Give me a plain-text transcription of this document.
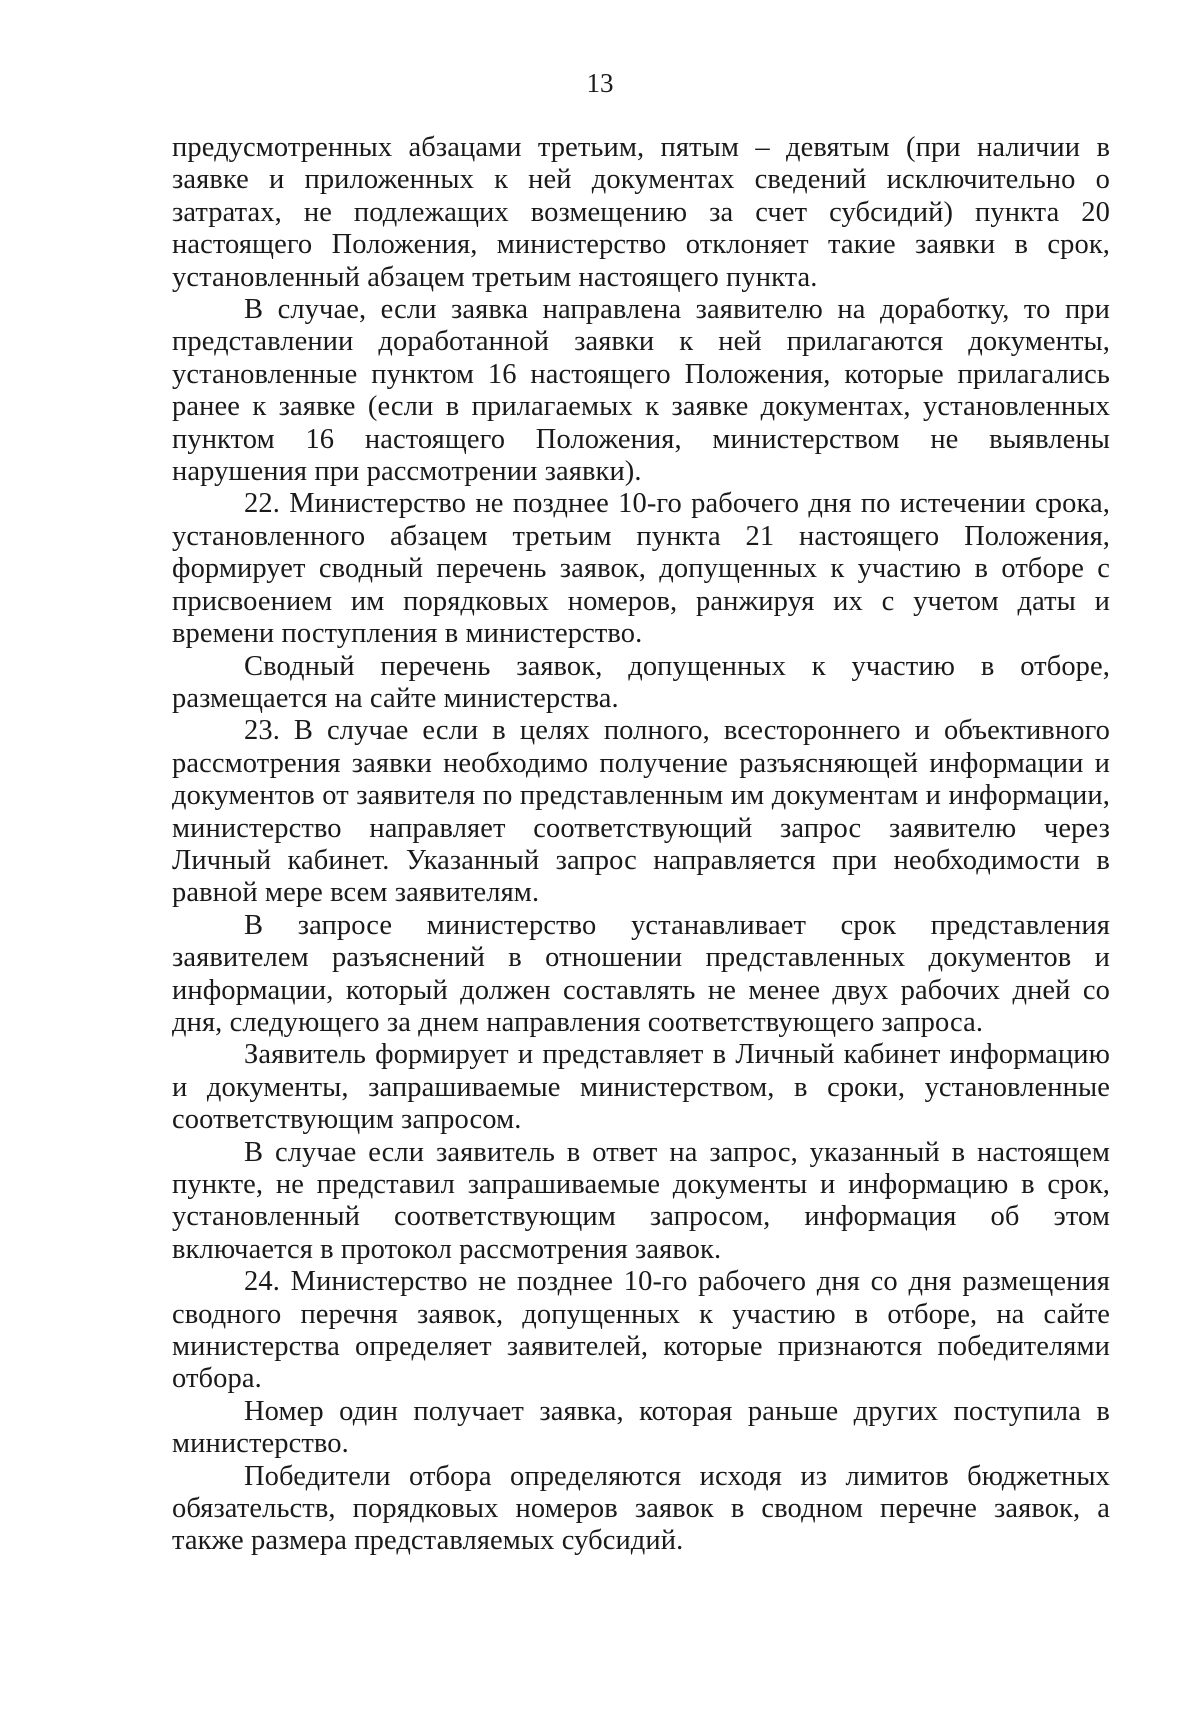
13

предусмотренных абзацами третьим, пятым – девятым (при наличии в заявке и приложенных к ней документах сведений исключительно о затратах, не подлежащих возмещению за счет субсидий) пункта 20 настоящего Положения, министерство отклоняет такие заявки в срок, установленный абзацем третьим настоящего пункта.

В случае, если заявка направлена заявителю на доработку, то при представлении доработанной заявки к ней прилагаются документы, установленные пунктом 16 настоящего Положения, которые прилагались ранее к заявке (если в прилагаемых к заявке документах, установленных пунктом 16 настоящего Положения, министерством не выявлены нарушения при рассмотрении заявки).

22. Министерство не позднее 10-го рабочего дня по истечении срока, установленного абзацем третьим пункта 21 настоящего Положения, формирует сводный перечень заявок, допущенных к участию в отборе с присвоением им порядковых номеров, ранжируя их с учетом даты и времени поступления в министерство.

Сводный перечень заявок, допущенных к участию в отборе, размещается на сайте министерства.

23. В случае если в целях полного, всестороннего и объективного рассмотрения заявки необходимо получение разъясняющей информации и документов от заявителя по представленным им документам и информации, министерство направляет соответствующий запрос заявителю через Личный кабинет. Указанный запрос направляется при необходимости в равной мере всем заявителям.

В запросе министерство устанавливает срок представления заявителем разъяснений в отношении представленных документов и информации, который должен составлять не менее двух рабочих дней со дня, следующего за днем направления соответствующего запроса.

Заявитель формирует и представляет в Личный кабинет информацию и документы, запрашиваемые министерством, в сроки, установленные соответствующим запросом.

В случае если заявитель в ответ на запрос, указанный в настоящем пункте, не представил запрашиваемые документы и информацию в срок, установленный соответствующим запросом, информация об этом включается в протокол рассмотрения заявок.

24. Министерство не позднее 10-го рабочего дня со дня размещения сводного перечня заявок, допущенных к участию в отборе, на сайте министерства определяет заявителей, которые признаются победителями отбора.

Номер один получает заявка, которая раньше других поступила в министерство.

Победители отбора определяются исходя из лимитов бюджетных обязательств, порядковых номеров заявок в сводном перечне заявок, а также размера представляемых субсидий.
